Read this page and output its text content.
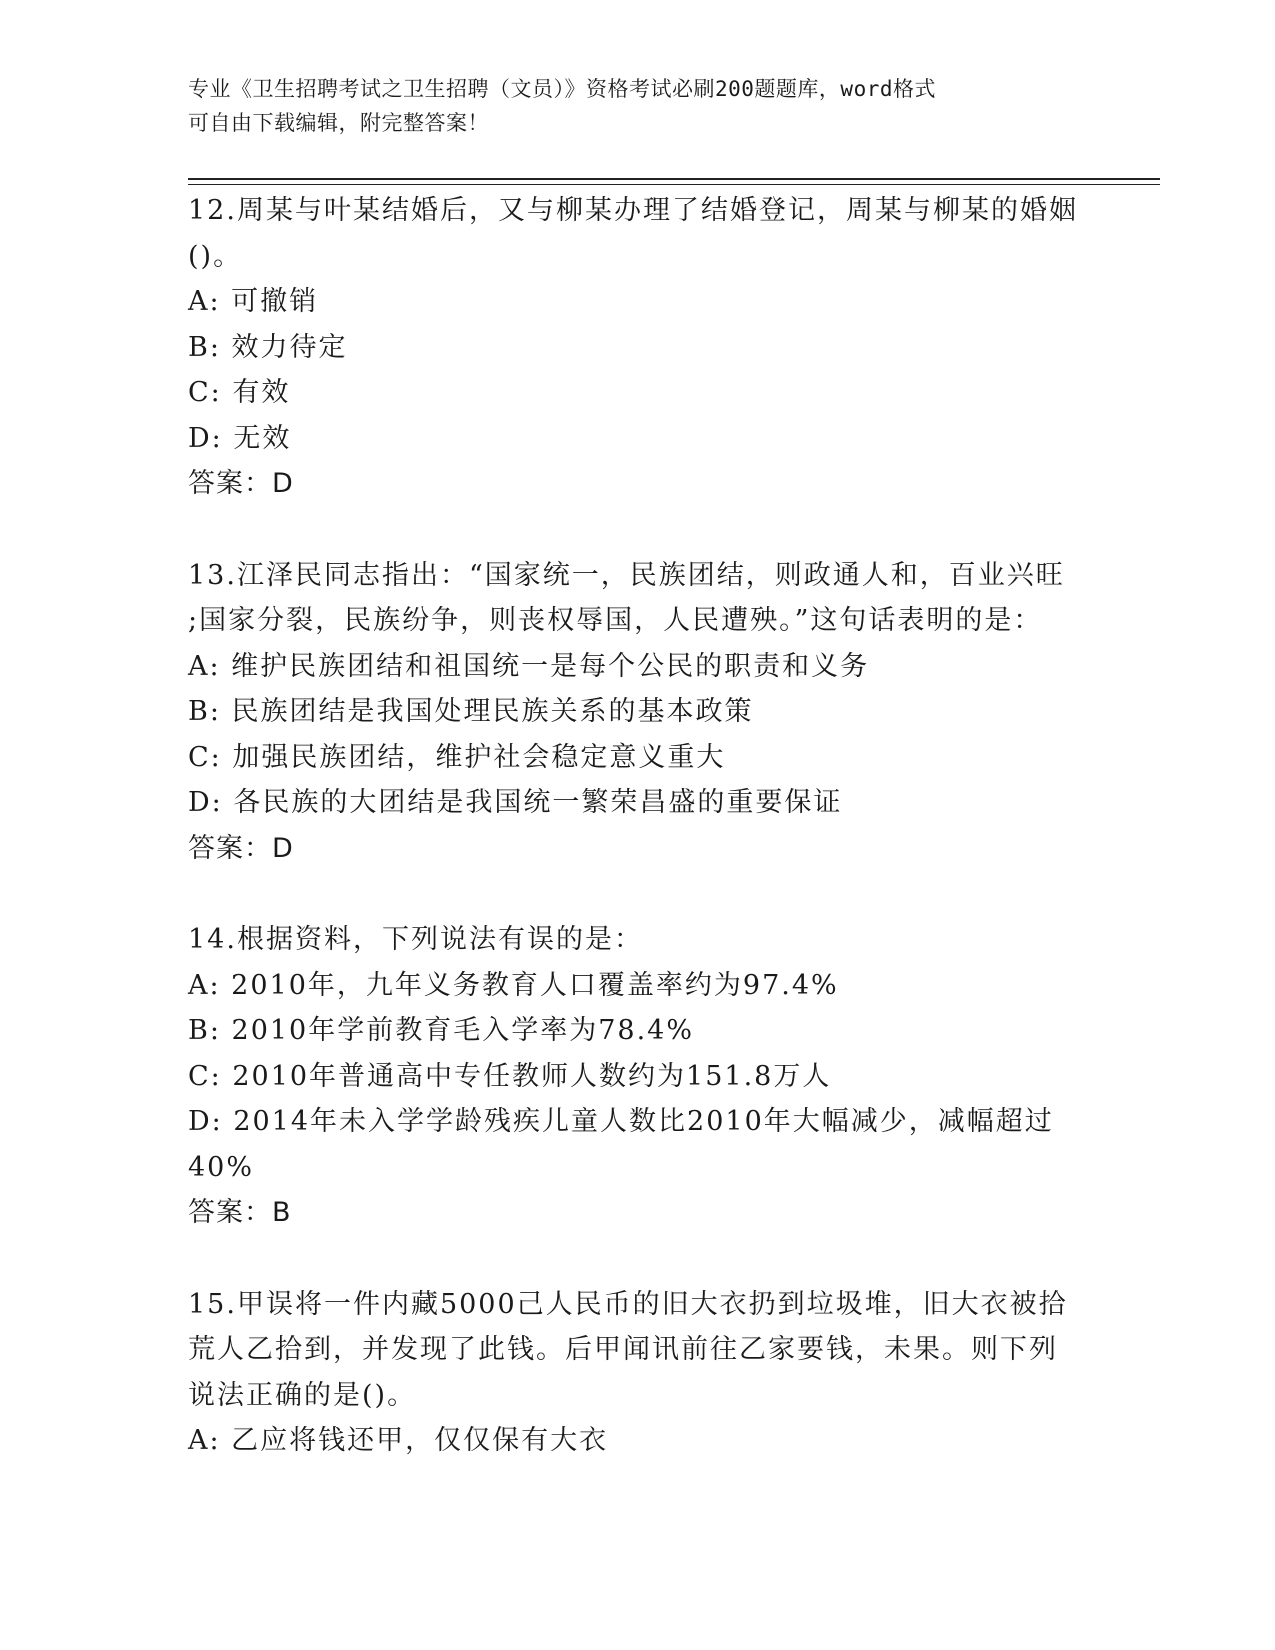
专业《卫生招聘考试之卫生招聘（文员）》资格考试必刷200题题库，word格式
可自由下载编辑，附完整答案！
12.周某与叶某结婚后，又与柳某办理了结婚登记，周某与柳某的婚姻
()。
A: 可撤销
B: 效力待定
C: 有效
D: 无效
答案：D
13.江泽民同志指出：“国家统一，民族团结，则政通人和，百业兴旺
;国家分裂，民族纷争，则丧权辱国，人民遭殃。”这句话表明的是：
A: 维护民族团结和祖国统一是每个公民的职责和义务
B: 民族团结是我国处理民族关系的基本政策
C: 加强民族团结，维护社会稳定意义重大
D: 各民族的大团结是我国统一繁荣昌盛的重要保证
答案：D
14.根据资料，下列说法有误的是：
A: 2010年，九年义务教育人口覆盖率约为97.4%
B: 2010年学前教育毛入学率为78.4%
C: 2010年普通高中专任教师人数约为151.8万人
D: 2014年未入学学龄残疾儿童人数比2010年大幅减少，减幅超过
40%
答案：B
15.甲误将一件内藏5000己人民币的旧大衣扔到垃圾堆，旧大衣被拾
荒人乙拾到，并发现了此钱。后甲闻讯前往乙家要钱，未果。则下列
说法正确的是()。
A: 乙应将钱还甲，仅仅保有大衣
